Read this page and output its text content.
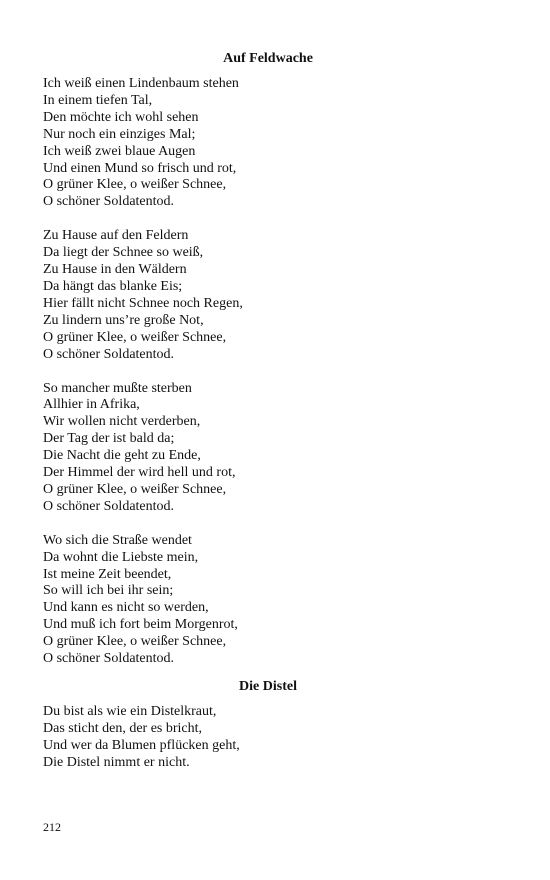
Auf Feldwache
Ich weiß einen Lindenbaum stehen
In einem tiefen Tal,
Den möchte ich wohl sehen
Nur noch ein einziges Mal;
Ich weiß zwei blaue Augen
Und einen Mund so frisch und rot,
O grüner Klee, o weißer Schnee,
O schöner Soldatentod.
Zu Hause auf den Feldern
Da liegt der Schnee so weiß,
Zu Hause in den Wäldern
Da hängt das blanke Eis;
Hier fällt nicht Schnee noch Regen,
Zu lindern uns’re große Not,
O grüner Klee, o weißer Schnee,
O schöner Soldatentod.
So mancher mußte sterben
Allhier in Afrika,
Wir wollen nicht verderben,
Der Tag der ist bald da;
Die Nacht die geht zu Ende,
Der Himmel der wird hell und rot,
O grüner Klee, o weißer Schnee,
O schöner Soldatentod.
Wo sich die Straße wendet
Da wohnt die Liebste mein,
Ist meine Zeit beendet,
So will ich bei ihr sein;
Und kann es nicht so werden,
Und muß ich fort beim Morgenrot,
O grüner Klee, o weißer Schnee,
O schöner Soldatentod.
Die Distel
Du bist als wie ein Distelkraut,
Das sticht den, der es bricht,
Und wer da Blumen pflücken geht,
Die Distel nimmt er nicht.
212
